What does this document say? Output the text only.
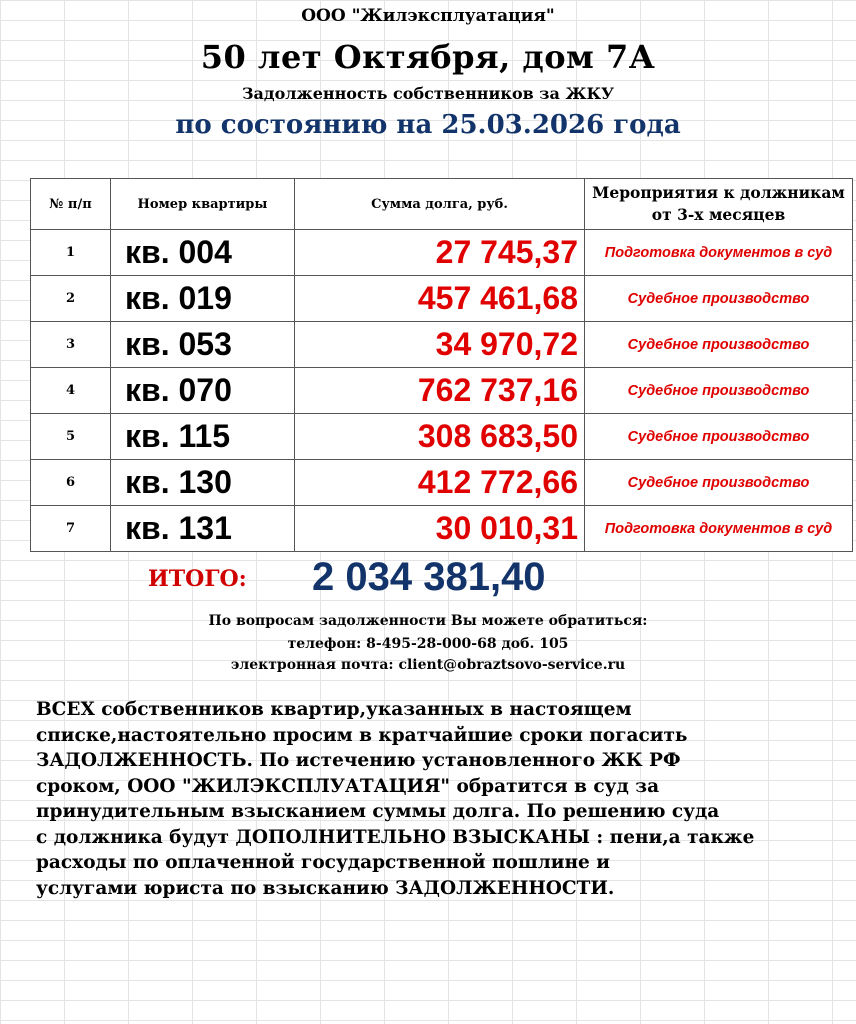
ООО "Жилэксплуатация"
50 лет Октября, дом 7А
Задолженность собственников за ЖКУ
по состоянию на 25.03.2026 года
№ п/п	Номер квартиры	Сумма долга, руб.	Мероприятия к должникам от 3-х месяцев
1	кв. 004	27 745,37	Подготовка документов в суд
2	кв. 019	457 461,68	Судебное производство
3	кв. 053	34 970,72	Судебное производство
4	кв. 070	762 737,16	Судебное производство
5	кв. 115	308 683,50	Судебное производство
6	кв. 130	412 772,66	Судебное производство
7	кв. 131	30 010,31	Подготовка документов в суд
ИТОГО: 2 034 381,40
По вопросам задолженности Вы можете обратиться:
телефон: 8-495-28-000-68 доб. 105
электронная почта: client@obraztsovo-service.ru
ВСЕХ собственников квартир,указанных в настоящем
списке,настоятельно просим в кратчайшие сроки погасить
ЗАДОЛЖЕННОСТЬ. По истечению установленного ЖК РФ
сроком, ООО "ЖИЛЭКСПЛУАТАЦИЯ" обратится в суд за
принудительным взысканием суммы долга. По решению суда
с должника будут ДОПОЛНИТЕЛЬНО ВЗЫСКАНЫ : пени,а также
расходы по оплаченной государственной пошлине и
услугами юриста по взысканию ЗАДОЛЖЕННОСТИ.
